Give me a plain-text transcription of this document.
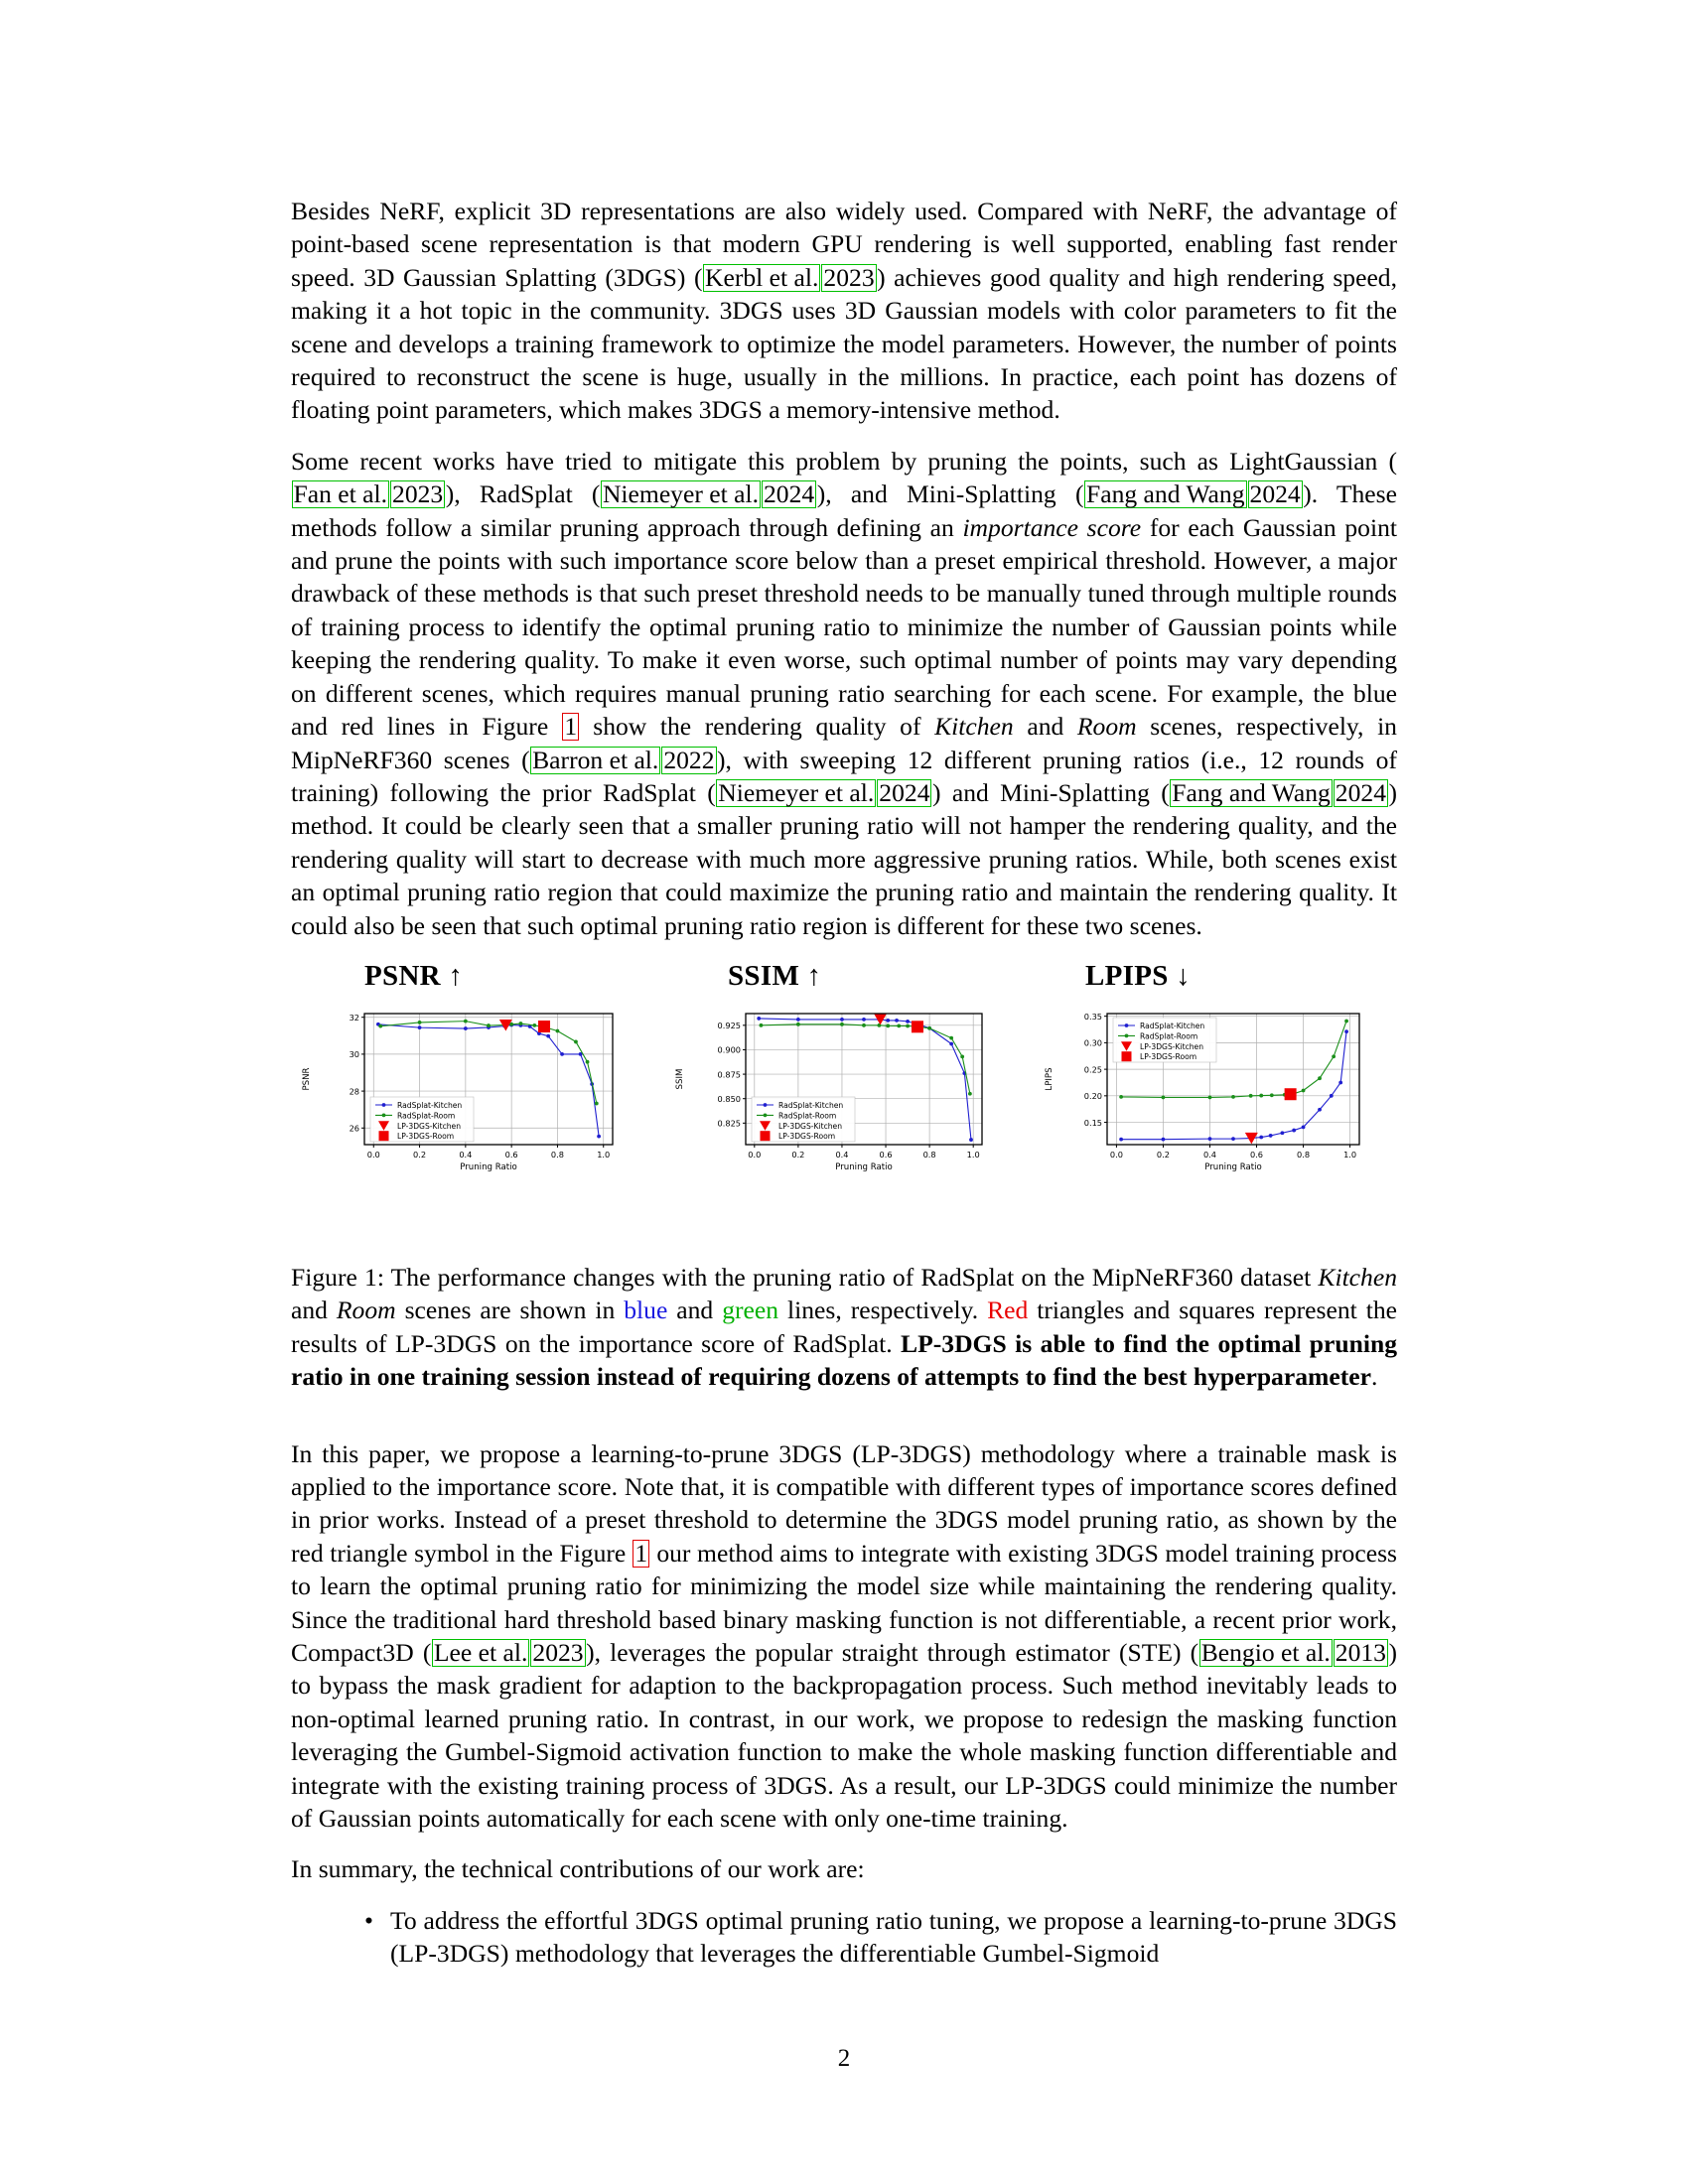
Besides NeRF, explicit 3D representations are also widely used. Compared with NeRF, the advantage of point-based scene representation is that modern GPU rendering is well supported, enabling fast render speed. 3D Gaussian Splatting (3DGS) (Kerbl et al. 2023) achieves good quality and high rendering speed, making it a hot topic in the community. 3DGS uses 3D Gaussian models with color parameters to fit the scene and develops a training framework to optimize the model parameters. However, the number of points required to reconstruct the scene is huge, usually in the millions. In practice, each point has dozens of floating point parameters, which makes 3DGS a memory-intensive method.

Some recent works have tried to mitigate this problem by pruning the points, such as LightGaussian (Fan et al. 2023), RadSplat (Niemeyer et al. 2024), and Mini-Splatting (Fang and Wang 2024). These methods follow a similar pruning approach through defining an importance score for each Gaussian point and prune the points with such importance score below than a preset empirical threshold. However, a major drawback of these methods is that such preset threshold needs to be manually tuned through multiple rounds of training process to identify the optimal pruning ratio to minimize the number of Gaussian points while keeping the rendering quality. To make it even worse, such optimal number of points may vary depending on different scenes, which requires manual pruning ratio searching for each scene. For example, the blue and red lines in Figure 1 show the rendering quality of Kitchen and Room scenes, respectively, in MipNeRF360 scenes (Barron et al. 2022), with sweeping 12 different pruning ratios (i.e., 12 rounds of training) following the prior RadSplat (Niemeyer et al. 2024) and Mini-Splatting (Fang and Wang 2024) method. It could be clearly seen that a smaller pruning ratio will not hamper the rendering quality, and the rendering quality will start to decrease with much more aggressive pruning ratios. While, both scenes exist an optimal pruning ratio region that could maximize the pruning ratio and maintain the rendering quality. It could also be seen that such optimal pruning ratio region is different for these two scenes.

PSNR ↑	SSIM ↑	LPIPS ↓
26
28
30
32
0.0	0.2	0.4	0.6	0.8	1.0
Pruning Ratio
PSNR
RadSplat-Kitchen
RadSplat-Room
LP-3DGS-Kitchen
LP-3DGS-Room
0.825
0.850
0.875
0.900
0.925
0.0	0.2	0.4	0.6	0.8	1.0
Pruning Ratio
SSIM
RadSplat-Kitchen
RadSplat-Room
LP-3DGS-Kitchen
LP-3DGS-Room
0.15
0.20
0.25
0.30
0.35
0.0	0.2	0.4	0.6	0.8	1.0
Pruning Ratio
LPIPS
RadSplat-Kitchen
RadSplat-Room
LP-3DGS-Kitchen
LP-3DGS-Room

Figure 1: The performance changes with the pruning ratio of RadSplat on the MipNeRF360 dataset Kitchen and Room scenes are shown in blue and green lines, respectively. Red triangles and squares represent the results of LP-3DGS on the importance score of RadSplat. LP-3DGS is able to find the optimal pruning ratio in one training session instead of requiring dozens of attempts to find the best hyperparameter.

In this paper, we propose a learning-to-prune 3DGS (LP-3DGS) methodology where a trainable mask is applied to the importance score. Note that, it is compatible with different types of importance scores defined in prior works. Instead of a preset threshold to determine the 3DGS model pruning ratio, as shown by the red triangle symbol in the Figure 1 our method aims to integrate with existing 3DGS model training process to learn the optimal pruning ratio for minimizing the model size while maintaining the rendering quality. Since the traditional hard threshold based binary masking function is not differentiable, a recent prior work, Compact3D (Lee et al. 2023), leverages the popular straight through estimator (STE) (Bengio et al. 2013) to bypass the mask gradient for adaption to the backpropagation process. Such method inevitably leads to non-optimal learned pruning ratio. In contrast, in our work, we propose to redesign the masking function leveraging the Gumbel-Sigmoid activation function to make the whole masking function differentiable and integrate with the existing training process of 3DGS. As a result, our LP-3DGS could minimize the number of Gaussian points automatically for each scene with only one-time training.

In summary, the technical contributions of our work are:

• To address the effortful 3DGS optimal pruning ratio tuning, we propose a learning-to-prune 3DGS (LP-3DGS) methodology that leverages the differentiable Gumbel-Sigmoid
2
